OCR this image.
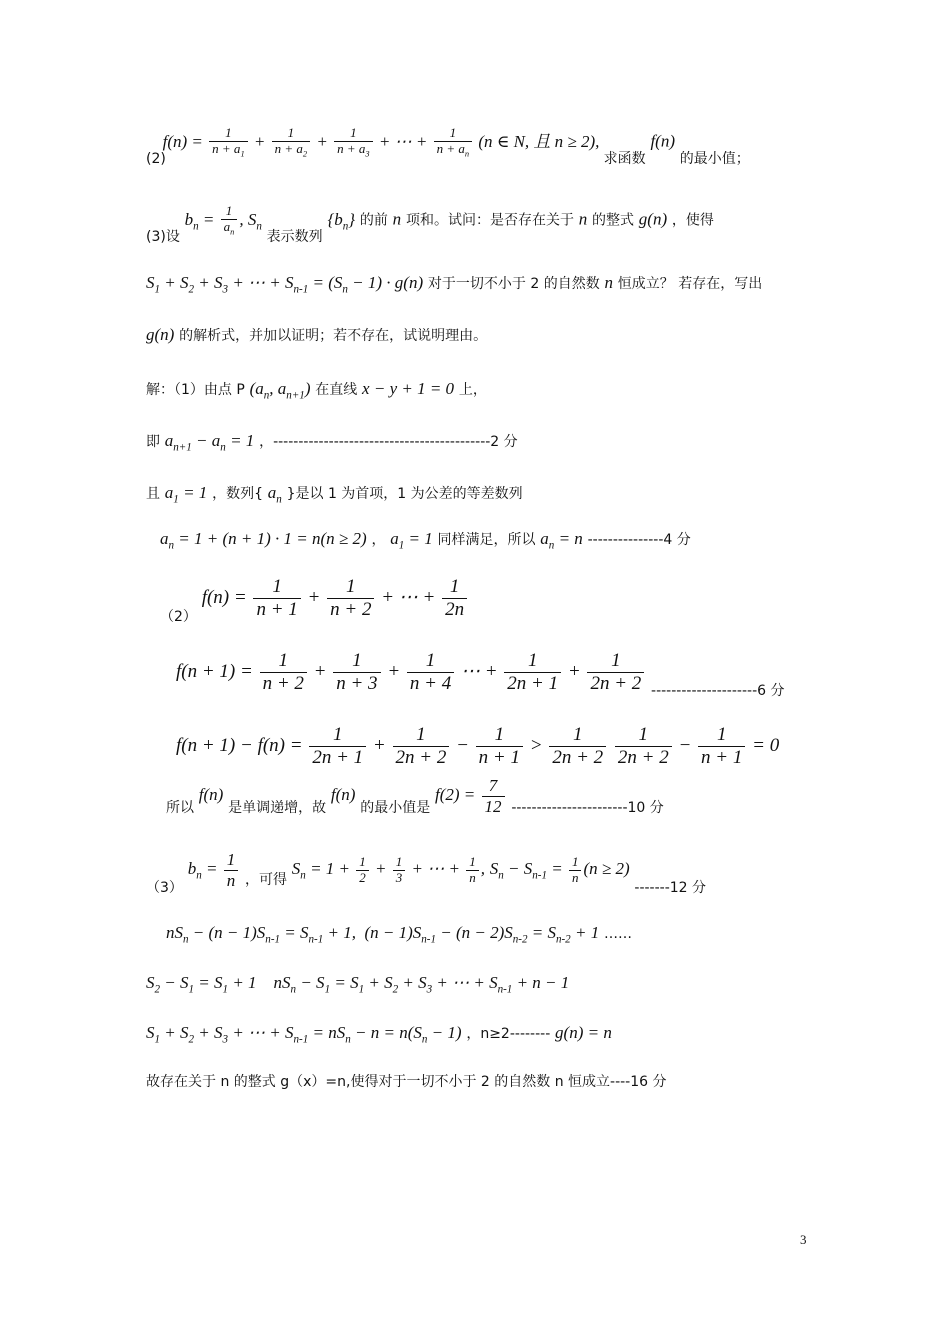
(2) $f(n) = \frac{1}{n + a_1} + \frac{1}{n + a_2} + \frac{1}{n + a_3}$ + ⋯ + $\frac{1}{n + a_n} (n$ ∈ N, 且 n ≥ 2), 求函数 f(n) 的最小值；
(3)设 $b_n = \frac{1}{a_n}$ , $S_n$ 表示数列 $\{b_n\}$ 的前 n 项和。试问：是否存在关于 n 的整式 g(n) ，使得
$S_1 + S_2 + S_3$ + ⋯ + $S_{n-1} = (S_n - 1) \cdot g(n)$ 对于一切不小于 2 的自然数 n 恒成立？ 若存在，写出
g(n) 的解析式，并加以证明；若不存在，试说明理由。
解：（1）由点 P ($a_n$, $a_{n+1}$) 在直线 x − y + 1 = 0 上，
即 $a_{n+1} - a_n = 1$ ，-------------------------------------------2 分
且 $a_1 = 1$ ，数列{ $a_n$ }是以 1 为首项，1 为公差的等差数列
$a_n = 1 + (n + 1) \cdot 1 = n(n \ge 2)$ ， $a_1 = 1$ 同样满足，所以 $a_n = n$ ---------------4 分
（2） $f(n) = \frac{1}{n + 1} + \frac{1}{n + 2}$ + ⋯ + $\frac{1}{2n}$
$f(n + 1) = \frac{1}{n + 2} + \frac{1}{n + 3} + \frac{1}{n + 4}$ ⋯ + $\frac{1}{2n + 1} + \frac{1}{2n + 2} ---------------------6$ 分
$f(n + 1) - f(n) = \frac{1}{2n + 1} + \frac{1}{2n + 2} - \frac{1}{n + 1} > \frac{1}{2n + 2}$
$\frac{1}{2n + 2} - \frac{1}{n + 1} = 0$
所以 f(n) 是单调递增，故 f(n) 的最小值是 $f(2) = \frac{7}{12} -----------------------10$ 分
（3） $b_n = \frac{1}{n}$ ，可得 $S_n = 1 + \frac{1}{2} + \frac{1}{3}$ + ⋯ + $\frac{1}{n}$ , $S_n - S_{n-1} = \frac{1}{n} (n \ge 2)$ -------12 分
$nS_n - (n - 1)S_{n-1} = S_{n-1} + 1$,  $(n - 1)S_{n-1} - (n - 2)S_{n-2} = S_{n-2} + 1$ ……
$S_2 - S_1 = S_1 + 1$    $nS_n - S_1 = S_1 + S_2 + S_3$ + ⋯ + $S_{n-1} + n - 1$
$S_1 + S_2 + S_3$ + ⋯ + $S_{n-1} = nS_n - n = n(S_n - 1)$ ，n≥2-------- g(n) = n
故存在关于 n 的整式 g（x）=n,使得对于一切不小于 2 的自然数 n 恒成立----16 分
3
